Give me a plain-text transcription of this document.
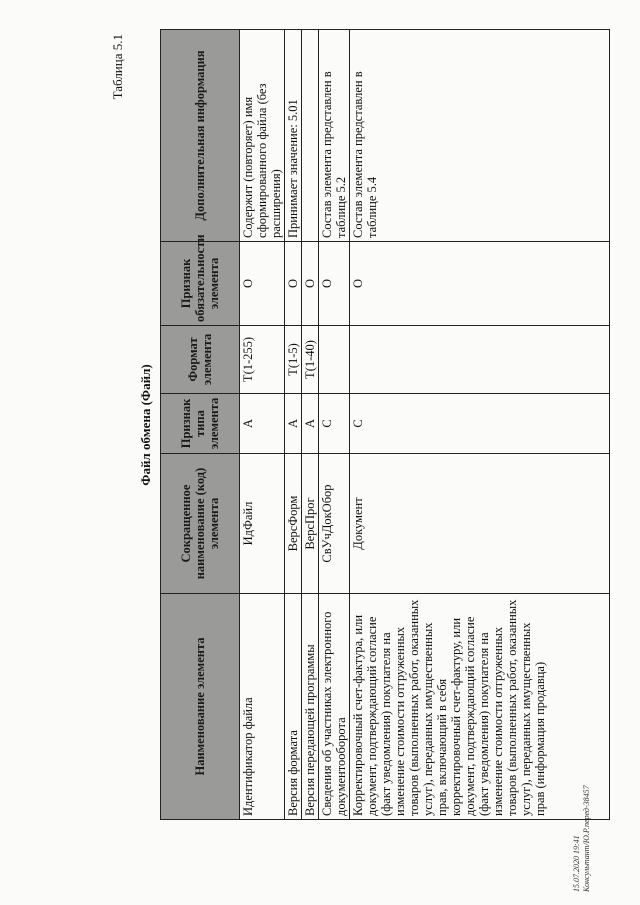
Таблица 5.1
Файл обмена (Файл)
Наименование элемента	Сокращенное наименование (код) элемента	Признак типа элемента	Формат элемента	Признак обязательности элемента	Дополнительная информация
Идентификатор файла	ИдФайл	А	T(1-255)	О	Содержит (повторяет) имя сформированного файла (без расширения)
Версия формата	ВерсФорм	А	T(1-5)	О	Принимает значение: 5.01
Версия передающей программы	ВерсПрог	А	T(1-40)	О	
Сведения об участниках электронного документооборота	СвУчДокОбор	С		О	Состав элемента представлен в таблице 5.2
Корректировочный счет-фактура, или документ, подтверждающий согласие (факт уведомления) покупателя на изменение стоимости отгруженных товаров (выполненных работ, оказанных услуг), переданных имущественных прав, включающий в себя корректировочный счет-фактуру, или документ, подтверждающий согласие (факт уведомления) покупателя на изменение стоимости отгруженных товаров (выполненных работ, оказанных услуг), переданных имущественных прав (информация продавца)	Документ	С		О	Состав элемента представлен в таблице 5.4
15.07.2020 19:41
Консультант/Ю.Р.перед-38457
